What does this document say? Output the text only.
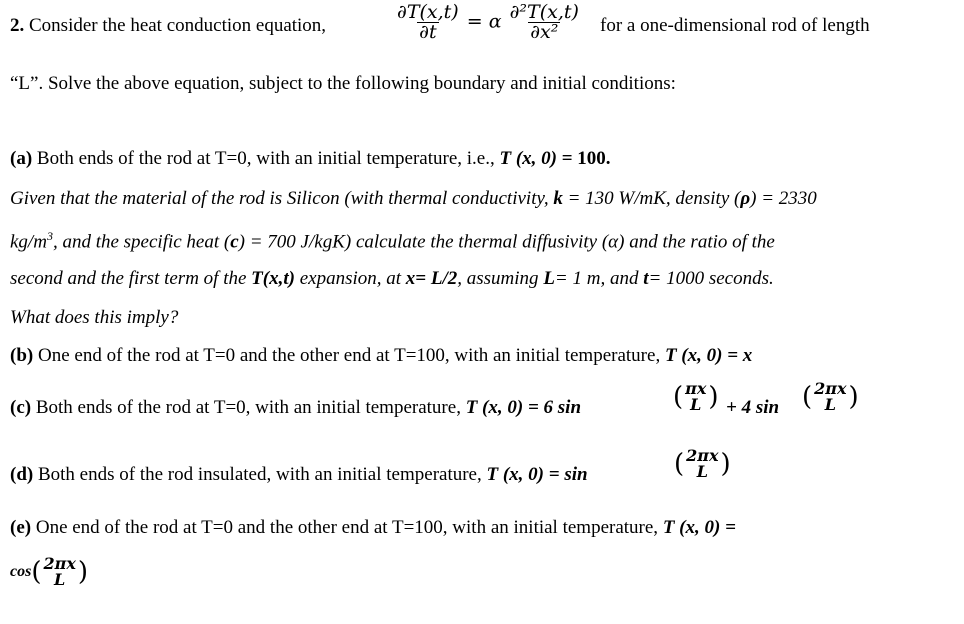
2. Consider the heat conduction equation,	$\frac{\partial T(x,t)}{\partial t} = \alpha \frac{\text{∂²T(x,t)}}{\text{∂x²}}$ for a one-dimensional rod of length
“L”. Solve the above equation, subject to the following boundary and initial conditions:
(a) Both ends of the rod at T=0, with an initial temperature, i.e., T (x, 0) = 100.
Given that the material of the rod is Silicon (with thermal conductivity, k = 130 W/mK, density (ρ) = 2330
$kg/m^3$, and the specific heat (c) = 700 J/kgK) calculate the thermal diffusivity (α) and the ratio of the
second and the first term of the T(x,t) expansion, at x= L/2, assuming L= 1 m, and t= 1000 seconds.
What does this imply?
(b) One end of the rod at T=0 and the other end at T=100, with an initial temperature, T (x, 0) = x
(c) Both ends of the rod at T=0, with an initial temperature, T (x, 0) = 6 sin	( πx
L ) + 4 sin ( 2πx
L )
(d) Both ends of the rod insulated, with an initial temperature, T (x, 0) = sin	( 2πx
L )
(e) One end of the rod at T=0 and the other end at T=100, with an initial temperature, T (x, 0) =
cos( 2πx
L )
